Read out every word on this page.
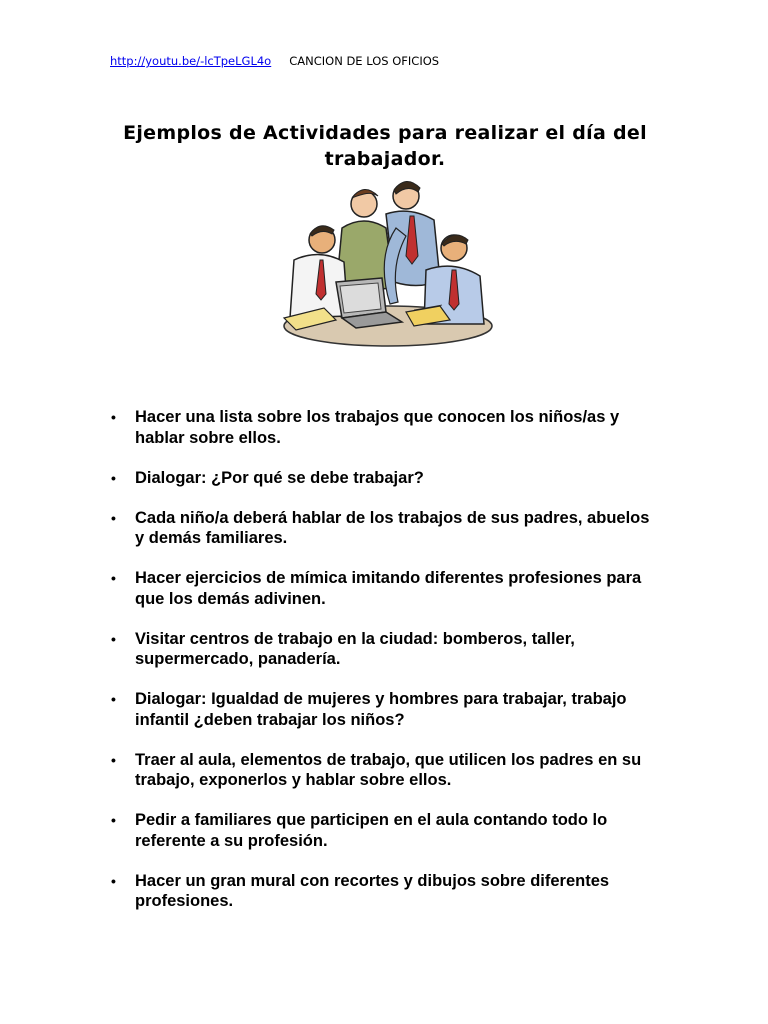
http://youtu.be/-lcTpeLGL4o CANCION DE LOS OFICIOS
Ejemplos de Actividades para realizar el día del trabajador.
• Hacer una lista sobre los trabajos que conocen los niños/as y hablar sobre ellos.
• Dialogar: ¿Por qué se debe trabajar?
• Cada niño/a deberá hablar de los trabajos de sus padres, abuelos y demás familiares.
• Hacer ejercicios de mímica imitando diferentes profesiones para que los demás adivinen.
• Visitar centros de trabajo en la ciudad: bomberos, taller, supermercado, panadería.
• Dialogar: Igualdad de mujeres y hombres para trabajar, trabajo infantil ¿deben trabajar los niños?
• Traer al aula, elementos de trabajo, que utilicen los padres en su trabajo, exponerlos y hablar sobre ellos.
• Pedir a familiares que participen en el aula contando todo lo referente a su profesión.
• Hacer un gran mural con recortes y dibujos sobre diferentes profesiones.
